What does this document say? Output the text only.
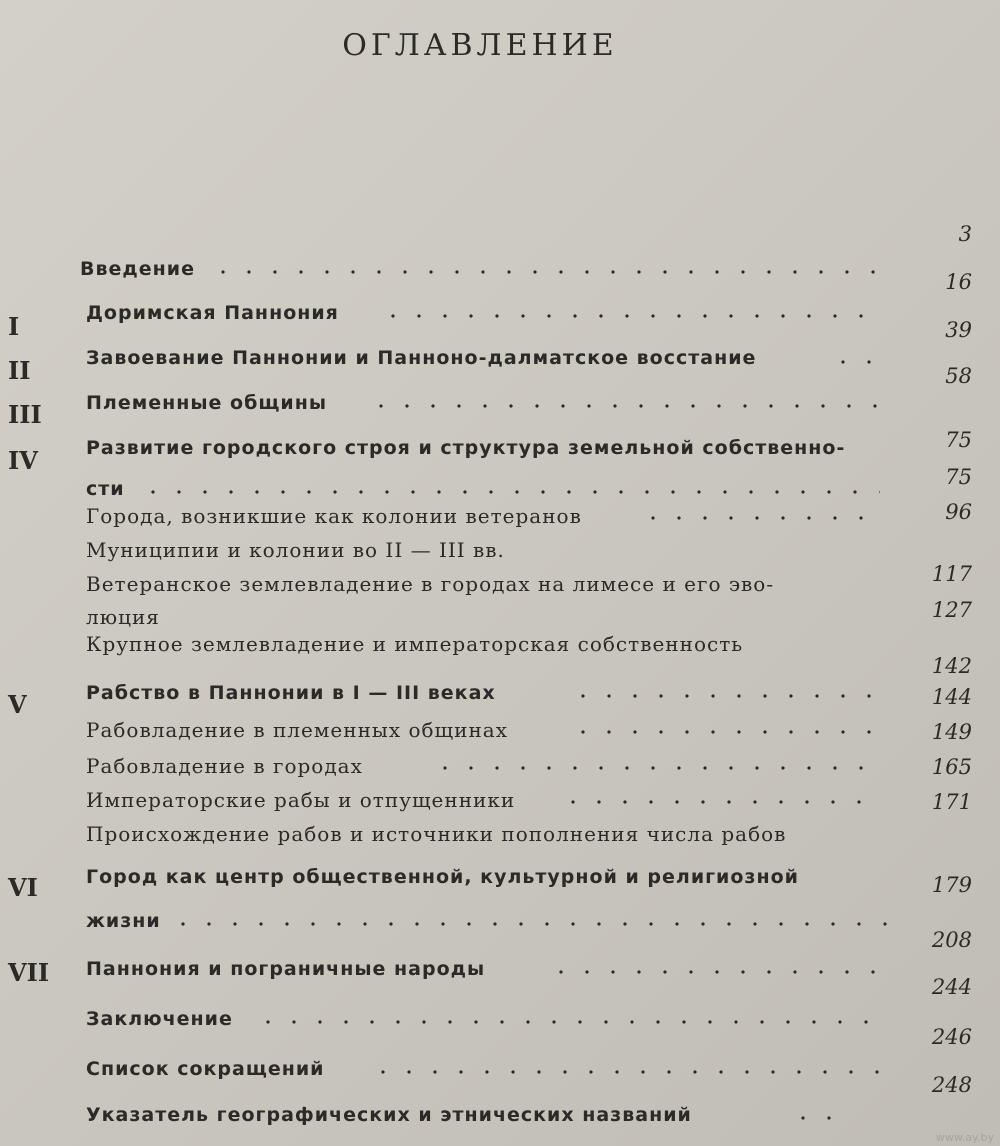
ОГЛАВЛЕНИЕ
3
16
39
58
75
75
96
117
127
142
144
149
165
171
179
208
244
246
248
I
II
III
IV
V
VI
VII
Введение
Доримская Паннония
Завоевание Паннонии и Панноно-далматское восстание
Племенные общины
Развитие городского строя и структура земельной собственно-
сти
Города, возникшие как колонии ветеранов
Муниципии и колонии во II — III вв.
Ветеранское землевладение в городах на лимесе и его эво-
люция
Крупное землевладение и императорская собственность
Рабство в Паннонии в I — III веках
Рабовладение в племенных общинах
Рабовладение в городах
Императорские рабы и отпущенники
Происхождение рабов и источники пополнения числа рабов
Город как центр общественной, культурной и религиозной
жизни
Паннония и пограничные народы
Заключение
Список сокращений
Указатель географических и этнических названий
www.ay.by
